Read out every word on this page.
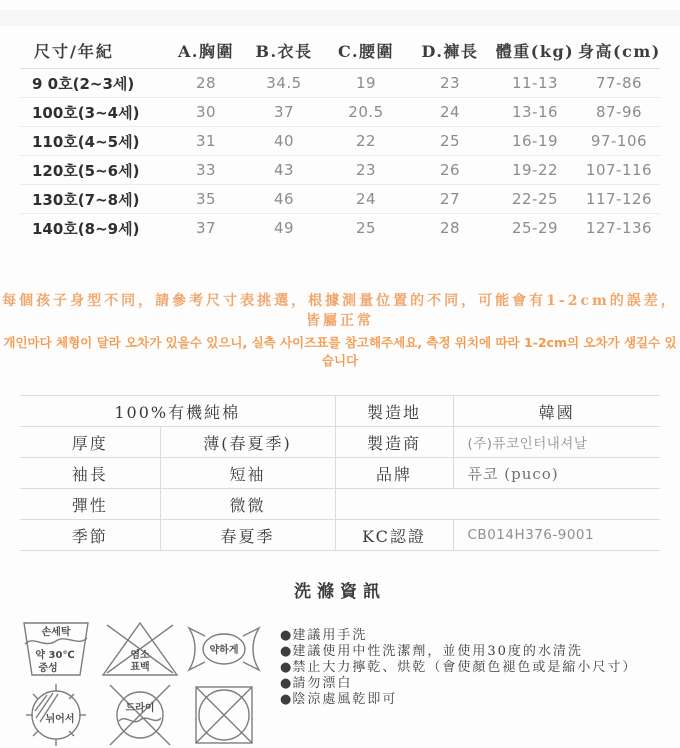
尺寸/年紀	A.胸圍	B.衣長	C.腰圍	D.褲長	體重(kg)	身高(cm)
9 0호(2~3세)	28	34.5	19	23	11-13	77-86
100호(3~4세)	30	37	20.5	24	13-16	87-96
110호(4~5세)	31	40	22	25	16-19	97-106
120호(5~6세)	33	43	23	26	19-22	107-116
130호(7~8세)	35	46	24	27	22-25	117-126
140호(8~9세)	37	49	25	28	25-29	127-136
每個孩子身型不同，請參考尺寸表挑選，根據測量位置的不同，可能會有1-2cm的誤差，皆屬正常
개인마다 체형이 달라 오차가 있을수 있으니, 실측 사이즈표를 참고해주세요, 측정 위치에 따라 1-2cm의 오차가 생길수 있습니다
100%有機純棉		製造地	韓國
厚度	薄(春夏季)	製造商	(주)퓨코인터내셔날
袖長	短袖	品牌	퓨코 (puco)
彈性	微微		
季節	春夏季	KC認證	CB014H376-9001
洗滌資訊
손세탁
약 30℃
중성
염소
표백
약하게
뉘어서
드라이
●建議用手洗
●建議使用中性洗潔劑，並使用30度的水清洗
●禁止大力擰乾、烘乾（會使顏色褪色或是縮小尺寸）
●請勿漂白
●陰涼處風乾即可
